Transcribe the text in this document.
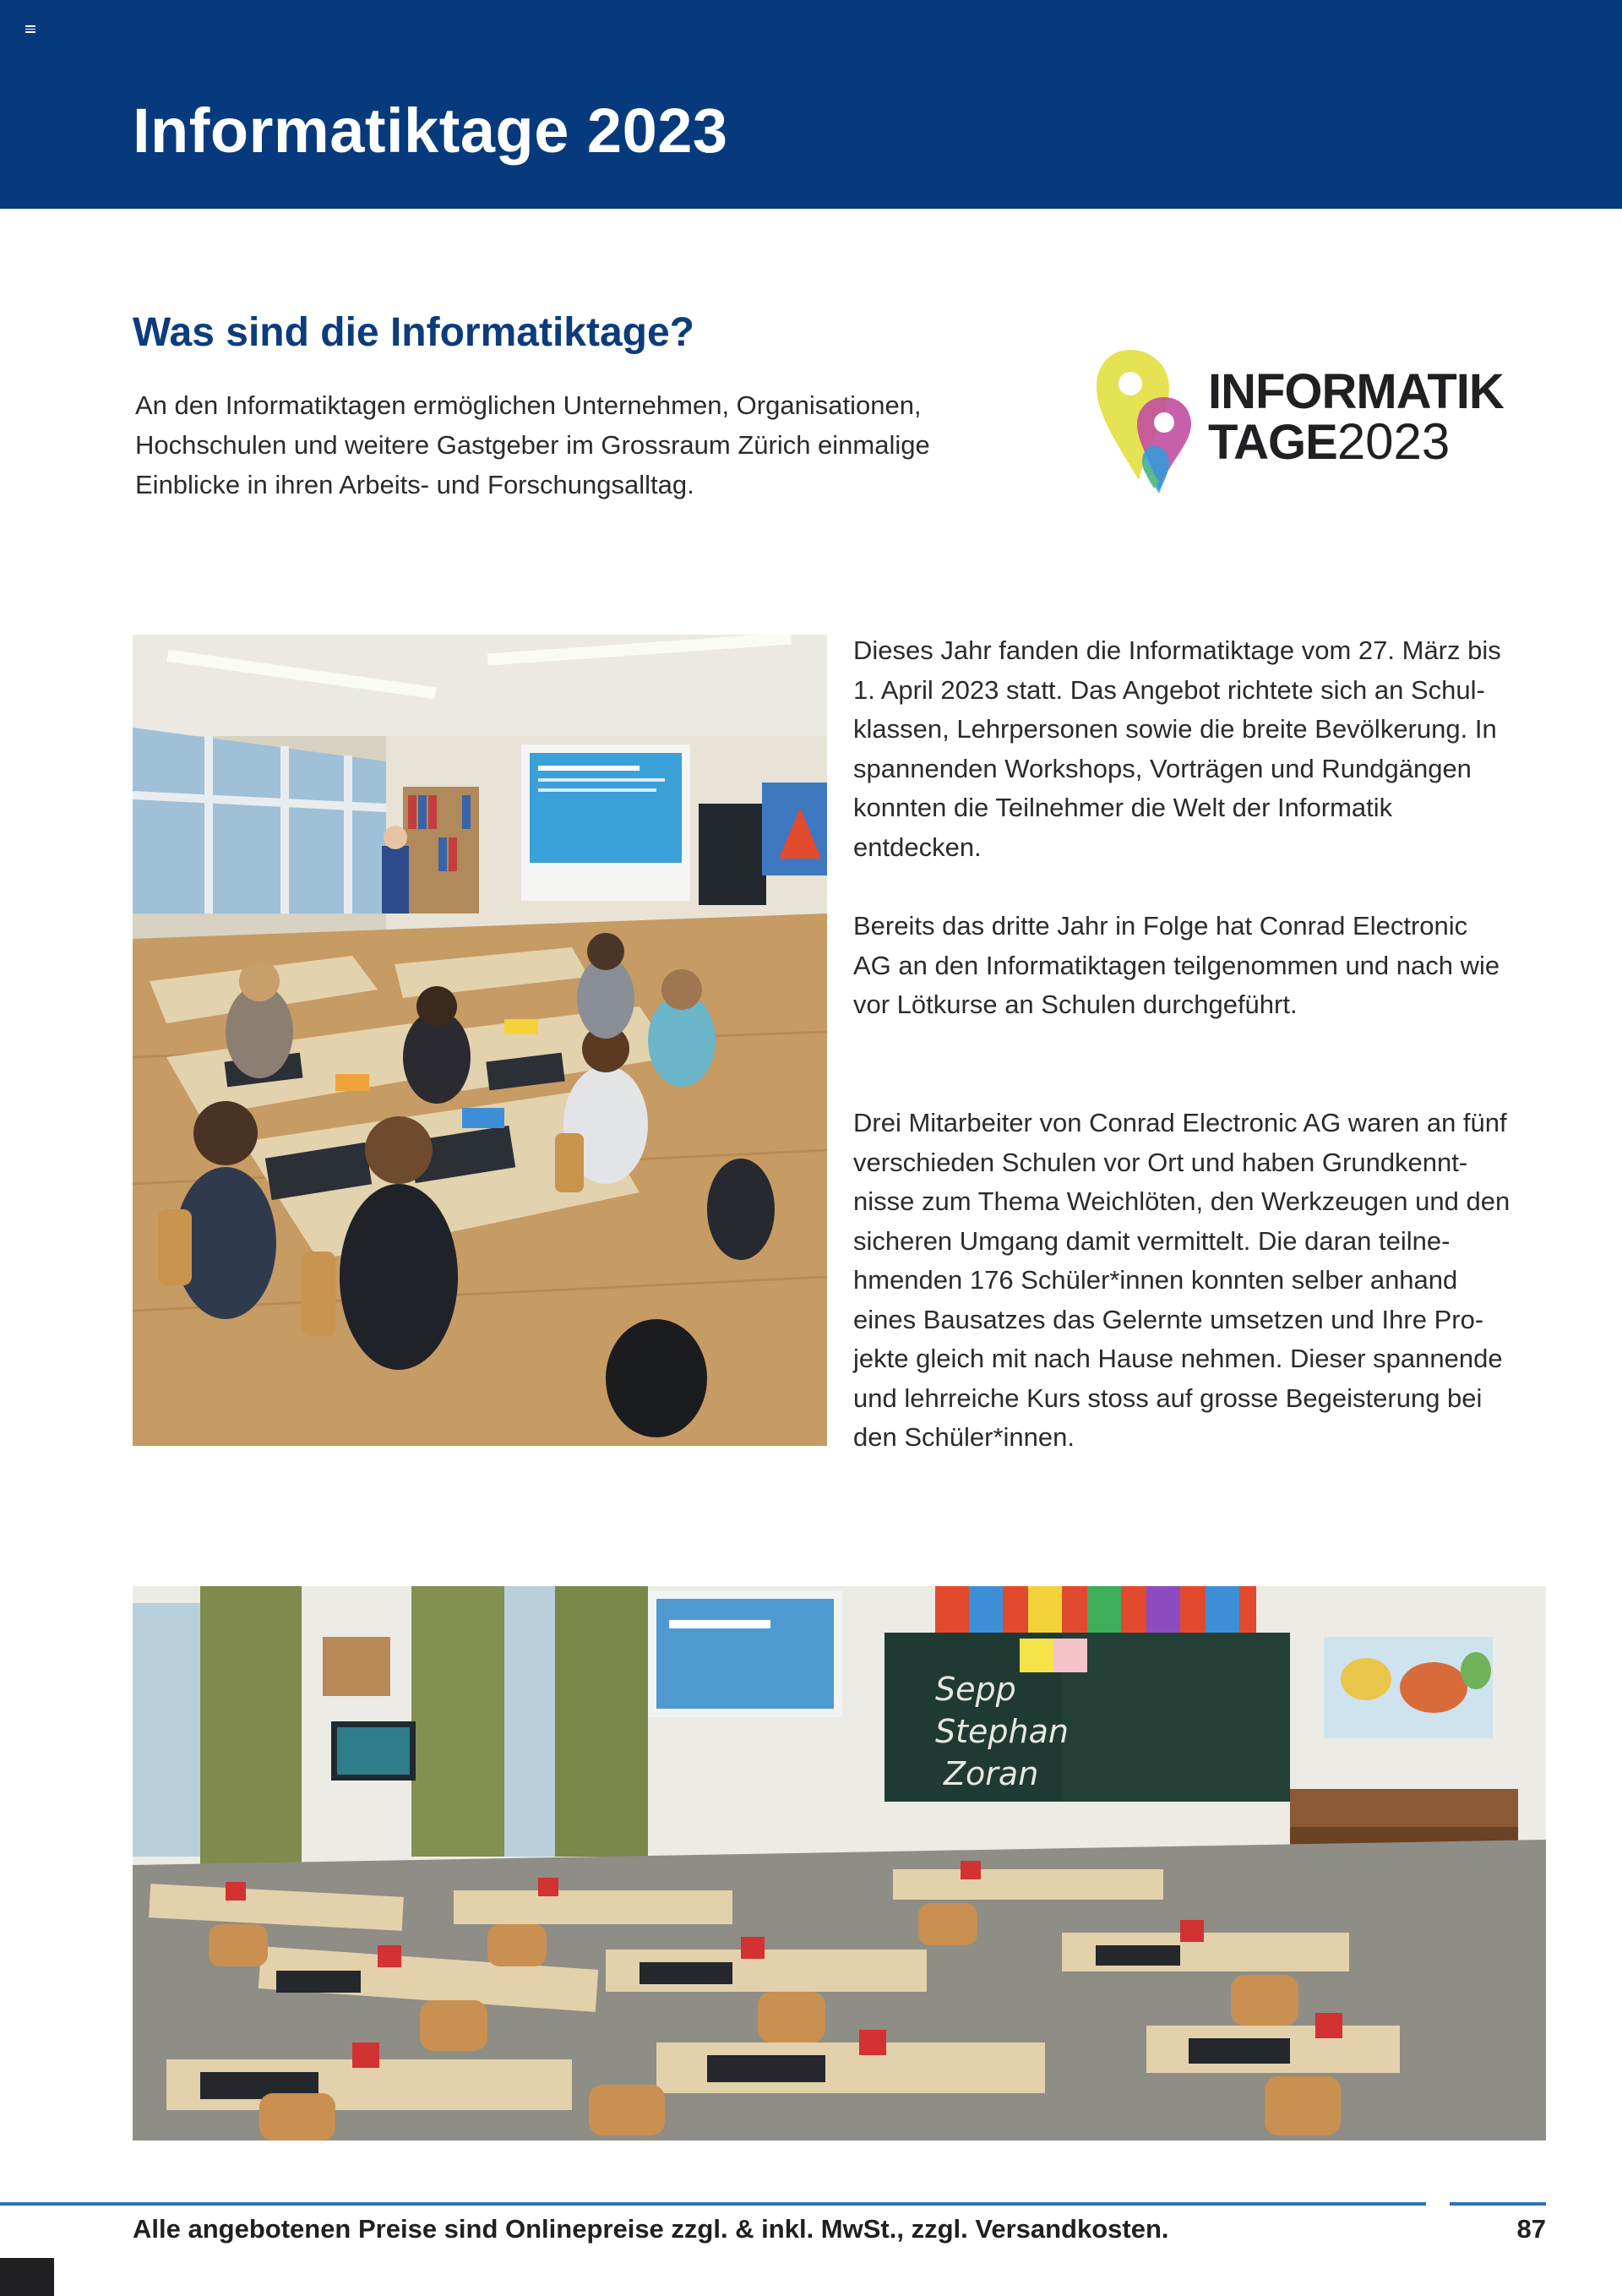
Informatiktage 2023
Was sind die Informatiktage?
An den Informatiktagen ermöglichen Unternehmen, Organisationen, Hochschulen und weitere Gastgeber im Grossraum Zürich einmalige Einblicke in ihren Arbeits- und Forschungsalltag.
INFORMATIK
TAGE2023
Dieses Jahr fanden die Informatiktage vom 27. März bis
1. April 2023 statt. Das Angebot richtete sich an Schul-
klassen, Lehrpersonen sowie die breite Bevölkerung. In
spannenden Workshops, Vorträgen und Rundgängen
konnten die Teilnehmer die Welt der Informatik
entdecken.
Bereits das dritte Jahr in Folge hat Conrad Electronic
AG an den Informatiktagen teilgenommen und nach wie
vor Lötkurse an Schulen durchgeführt.
Drei Mitarbeiter von Conrad Electronic AG waren an fünf
verschieden Schulen vor Ort und haben Grundkennt-
nisse zum Thema Weichlöten, den Werkzeugen und den
sicheren Umgang damit vermittelt. Die daran teilne-
hmenden 176 Schüler*innen konnten selber anhand
eines Bausatzes das Gelernte umsetzen und Ihre Pro-
jekte gleich mit nach Hause nehmen. Dieser spannende
und lehrreiche Kurs stoss auf grosse Begeisterung bei
den Schüler*innen.
Sepp
Stephan
Zoran
Alle angebotenen Preise sind Onlinepreise zzgl. & inkl. MwSt., zzgl. Versandkosten.	87
